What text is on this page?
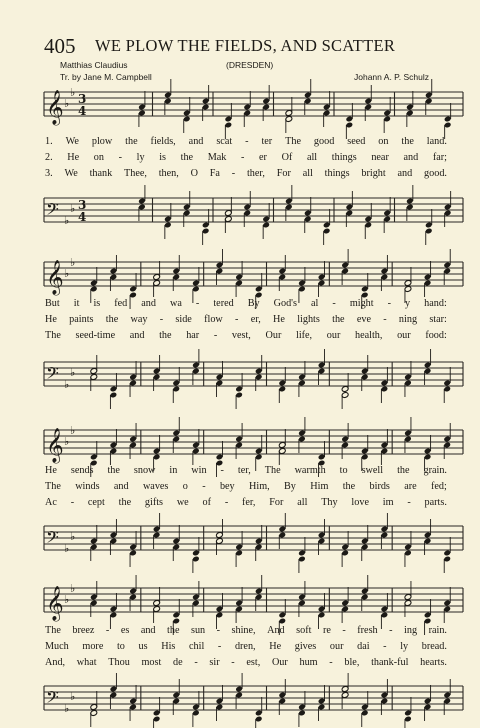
405 WE PLOW THE FIELDS, AND SCATTER
Matthias Claudius
Tr. by Jane M. Campbell
(DRESDEN)
Johann A. P. Schulz
𝄞 ♭
♭ 3
4
1. We plow the fields, and scat - ter The good seed on the land.
2. He on - ly is the Mak - er Of all things near and far;
3. We thank Thee, then, O Fa - ther, For all things bright and good.
𝄢 ♭
♭ 3
4
𝄞 ♭
♭
But it is fed and wa - tered By God's al - might - y hand:
He paints the way - side flow - er, He lights the eve - ning star:
The seed-time and the har - vest, Our life, our health, our food:
𝄢 ♭
♭
𝄞 ♭
♭
He sends the snow in win - ter, The warmth to swell the grain.
The winds and waves o - bey Him, By Him the birds are fed;
Ac - cept the gifts we of - fer, For all Thy love im - parts.
𝄢 ♭
♭
𝄞 ♭
♭
The breez - es and the sun - shine, And soft re - fresh - ing rain.
Much more to us His chil - dren, He gives our dai - ly bread.
And, what Thou most de - sir - est, Our hum - ble, thank-ful hearts.
𝄢 ♭
♭
